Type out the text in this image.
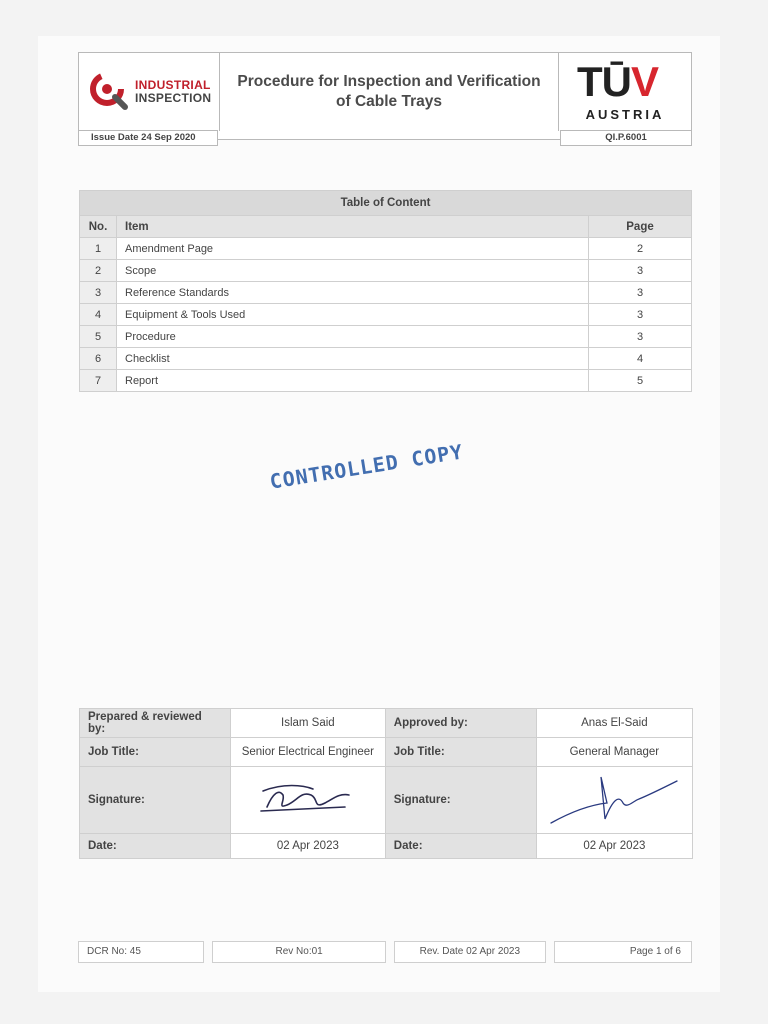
INDUSTRIAL
INSPECTION
Procedure for Inspection and Verification
of Cable Trays	TŪV
AUSTRIA
Issue Date 24 Sep 2020	QI.P.6001
Table of Content		
No.	Item	Page
1	Amendment Page	2
2	Scope	3
3	Reference Standards	3
4	Equipment & Tools Used	3
5	Procedure	3
6	Checklist	4
7	Report	5
CONTROLLED COPY
Prepared & reviewed by:	Islam Said	Approved by:	Anas El-Said
Job Title:	Senior Electrical Engineer	Job Title:	General Manager
Signature:		Signature:	
Date:	02 Apr 2023	Date:	02 Apr 2023
DCR No: 45	Rev No:01	Rev. Date 02 Apr 2023	Page 1 of 6
